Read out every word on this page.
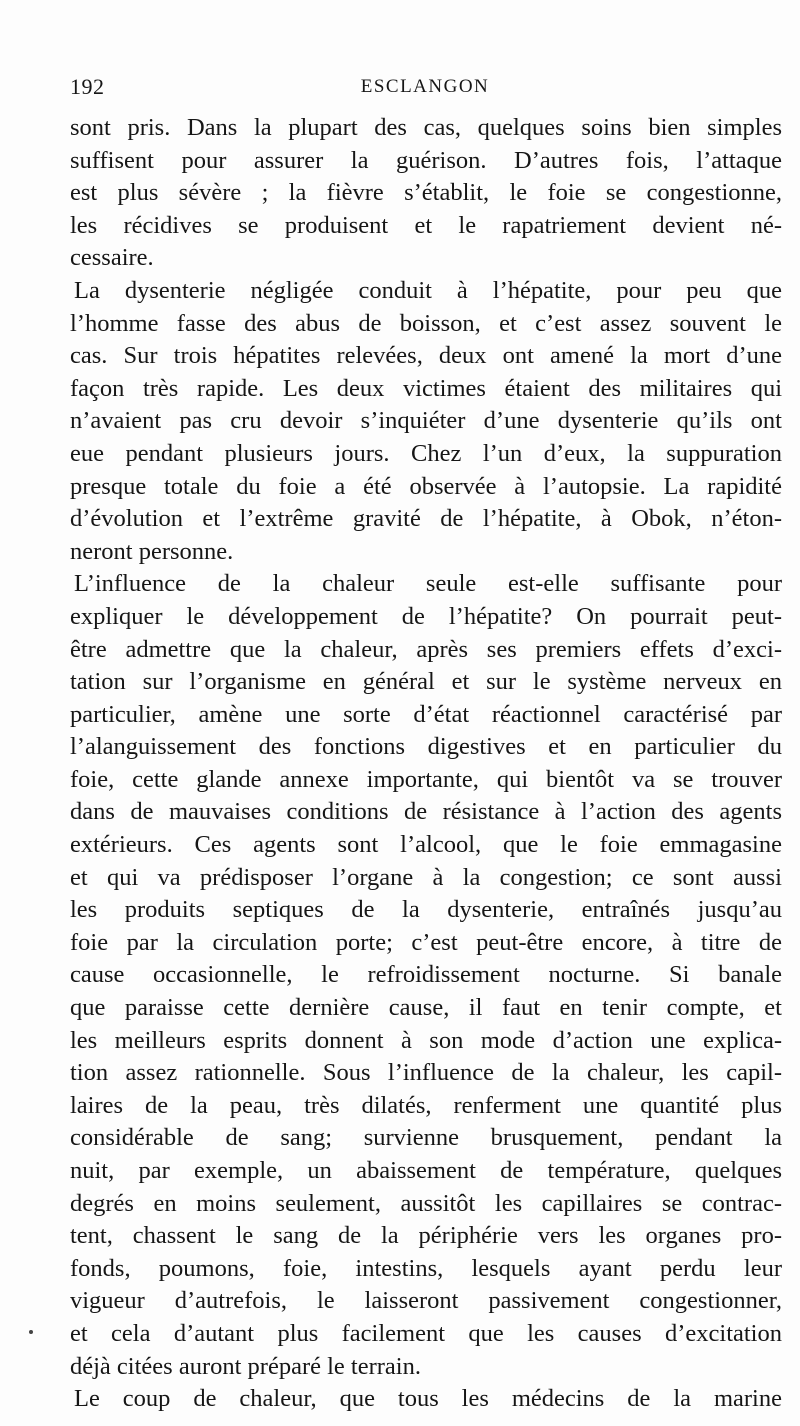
192	ESCLANGON
sont pris. Dans la plupart des cas, quelques soins bien simples
suffisent pour assurer la guérison. D’autres fois, l’attaque
est plus sévère ; la fièvre s’établit, le foie se congestionne,
les récidives se produisent et le rapatriement devient né-
cessaire.
La dysenterie négligée conduit à l’hépatite, pour peu que
l’homme fasse des abus de boisson, et c’est assez souvent le
cas. Sur trois hépatites relevées, deux ont amené la mort d’une
façon très rapide. Les deux victimes étaient des militaires qui
n’avaient pas cru devoir s’inquiéter d’une dysenterie qu’ils ont
eue pendant plusieurs jours. Chez l’un d’eux, la suppuration
presque totale du foie a été observée à l’autopsie. La rapidité
d’évolution et l’extrême gravité de l’hépatite, à Obok, n’éton-
neront personne.
L’influence de la chaleur seule est-elle suffisante pour
expliquer le développement de l’hépatite? On pourrait peut-
être admettre que la chaleur, après ses premiers effets d’exci-
tation sur l’organisme en général et sur le système nerveux en
particulier, amène une sorte d’état réactionnel caractérisé par
l’alanguissement des fonctions digestives et en particulier du
foie, cette glande annexe importante, qui bientôt va se trouver
dans de mauvaises conditions de résistance à l’action des agents
extérieurs. Ces agents sont l’alcool, que le foie emmagasine
et qui va prédisposer l’organe à la congestion; ce sont aussi
les produits septiques de la dysenterie, entraînés jusqu’au
foie par la circulation porte; c’est peut-être encore, à titre de
cause occasionnelle, le refroidissement nocturne. Si banale
que paraisse cette dernière cause, il faut en tenir compte, et
les meilleurs esprits donnent à son mode d’action une explica-
tion assez rationnelle. Sous l’influence de la chaleur, les capil-
laires de la peau, très dilatés, renferment une quantité plus
considérable de sang; survienne brusquement, pendant la
nuit, par exemple, un abaissement de température, quelques
degrés en moins seulement, aussitôt les capillaires se contrac-
tent, chassent le sang de la périphérie vers les organes pro-
fonds, poumons, foie, intestins, lesquels ayant perdu leur
vigueur d’autrefois, le laisseront passivement congestionner,
et cela d’autant plus facilement que les causes d’excitation
déjà citées auront préparé le terrain.
Le coup de chaleur, que tous les médecins de la marine
